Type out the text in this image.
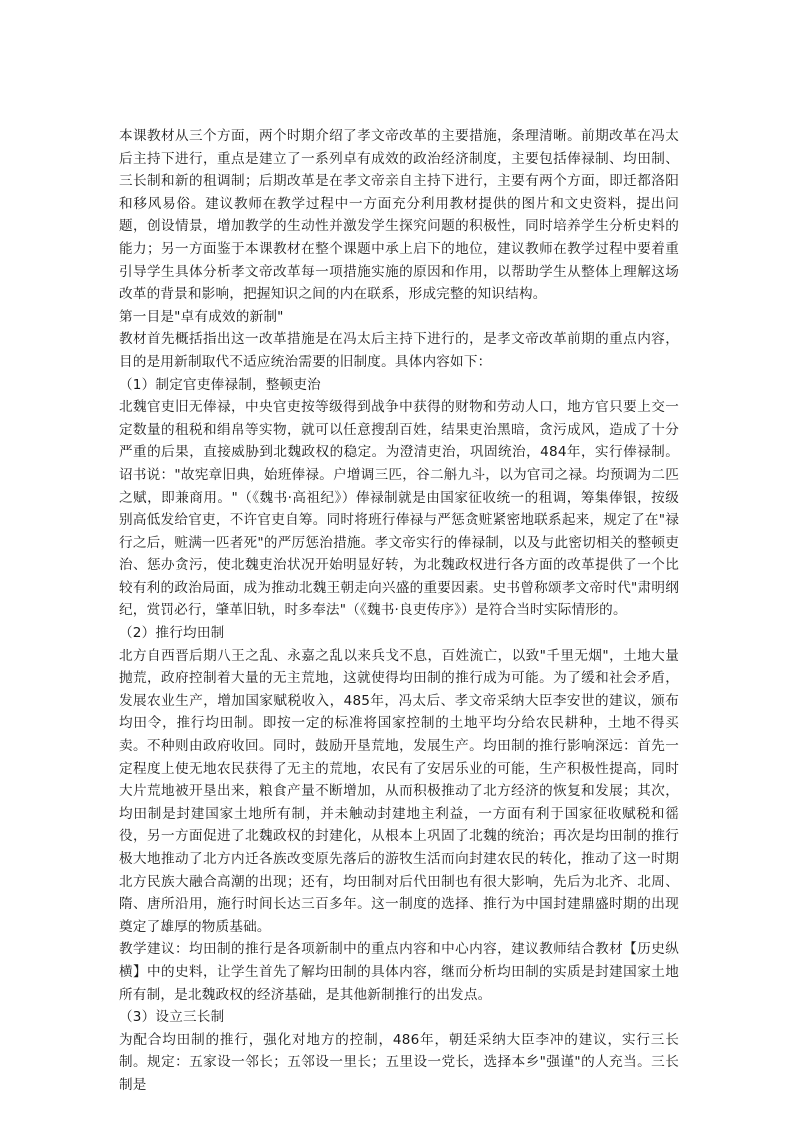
本课教材从三个方面，两个时期介绍了孝文帝改革的主要措施，条理清晰。前期改革在冯太后主持下进行，重点是建立了一系列卓有成效的政治经济制度，主要包括俸禄制、均田制、三长制和新的租调制；后期改革是在孝文帝亲自主持下进行，主要有两个方面，即迁都洛阳和移风易俗。建议教师在教学过程中一方面充分利用教材提供的图片和文史资料，提出问题，创设情景，增加教学的生动性并激发学生探究问题的积极性，同时培养学生分析史料的能力；另一方面鉴于本课教材在整个课题中承上启下的地位，建议教师在教学过程中要着重引导学生具体分析孝文帝改革每一项措施实施的原因和作用，以帮助学生从整体上理解这场改革的背景和影响，把握知识之间的内在联系，形成完整的知识结构。

第一目是"卓有成效的新制"

教材首先概括指出这一改革措施是在冯太后主持下进行的，是孝文帝改革前期的重点内容，目的是用新制取代不适应统治需要的旧制度。具体内容如下：

（1）制定官吏俸禄制，整顿吏治

北魏官吏旧无俸禄，中央官吏按等级得到战争中获得的财物和劳动人口，地方官只要上交一定数量的租税和绢帛等实物，就可以任意搜刮百姓，结果吏治黑暗，贪污成风，造成了十分严重的后果，直接威胁到北魏政权的稳定。为澄清吏治，巩固统治，484年，实行俸禄制。诏书说："故宪章旧典，始班俸禄。户增调三匹，谷二斛九斗，以为官司之禄。均预调为二匹之赋，即兼商用。"（《魏书·高祖纪》）俸禄制就是由国家征收统一的租调，筹集俸银，按级别高低发给官吏，不许官吏自筹。同时将班行俸禄与严惩贪赃紧密地联系起来，规定了在"禄行之后，赃满一匹者死"的严厉惩治措施。孝文帝实行的俸禄制，以及与此密切相关的整顿吏治、惩办贪污，使北魏吏治状况开始明显好转，为北魏政权进行各方面的改革提供了一个比较有利的政治局面，成为推动北魏王朝走向兴盛的重要因素。史书曾称颂孝文帝时代"肃明纲纪，赏罚必行，肇革旧轨，时多奉法"（《魏书·良吏传序》）是符合当时实际情形的。

（2）推行均田制

北方自西晋后期八王之乱、永嘉之乱以来兵戈不息，百姓流亡，以致"千里无烟"，土地大量抛荒，政府控制着大量的无主荒地，这就使得均田制的推行成为可能。为了缓和社会矛盾，发展农业生产，增加国家赋税收入，485年，冯太后、孝文帝采纳大臣李安世的建议，颁布均田令，推行均田制。即按一定的标准将国家控制的土地平均分给农民耕种，土地不得买卖。不种则由政府收回。同时，鼓励开垦荒地，发展生产。均田制的推行影响深远：首先一定程度上使无地农民获得了无主的荒地，农民有了安居乐业的可能，生产积极性提高，同时大片荒地被开垦出来，粮食产量不断增加，从而积极推动了北方经济的恢复和发展；其次，均田制是封建国家土地所有制，并未触动封建地主利益，一方面有利于国家征收赋税和徭役，另一方面促进了北魏政权的封建化，从根本上巩固了北魏的统治；再次是均田制的推行极大地推动了北方内迁各族改变原先落后的游牧生活而向封建农民的转化，推动了这一时期北方民族大融合高潮的出现；还有，均田制对后代田制也有很大影响，先后为北齐、北周、隋、唐所沿用，施行时间长达三百多年。这一制度的选择、推行为中国封建鼎盛时期的出现奠定了雄厚的物质基础。

教学建议：均田制的推行是各项新制中的重点内容和中心内容，建议教师结合教材【历史纵横】中的史料，让学生首先了解均田制的具体内容，继而分析均田制的实质是封建国家土地所有制，是北魏政权的经济基础，是其他新制推行的出发点。

（3）设立三长制

为配合均田制的推行，强化对地方的控制，486年，朝廷采纳大臣李冲的建议，实行三长制。规定：五家设一邻长；五邻设一里长；五里设一党长，选择本乡"强谨"的人充当。三长制是
